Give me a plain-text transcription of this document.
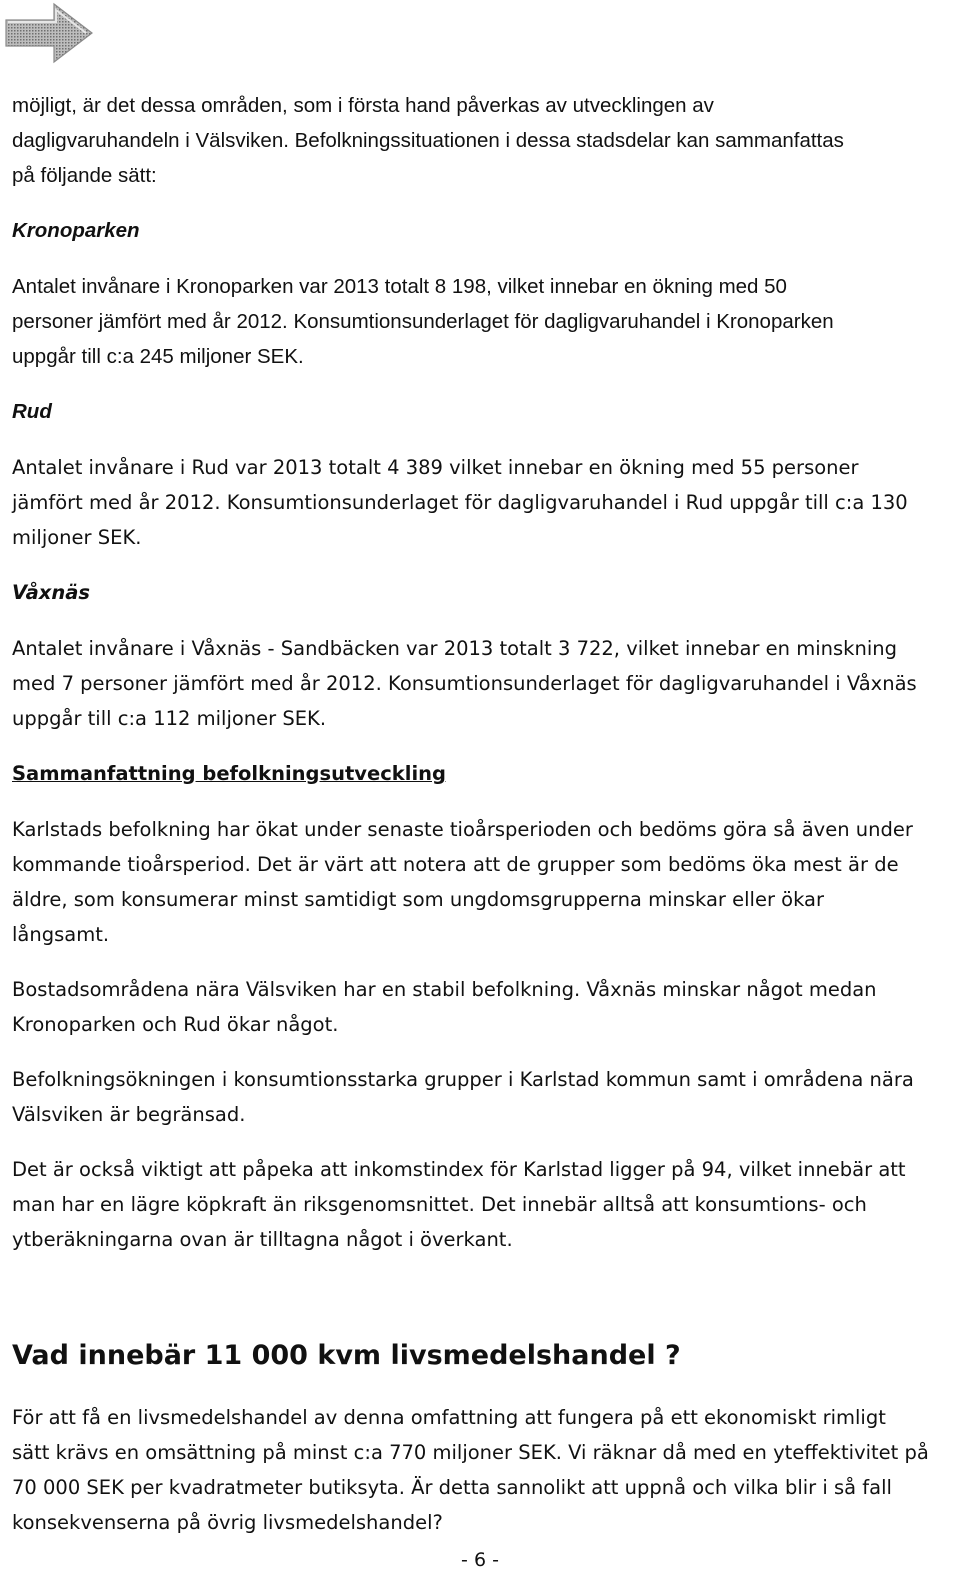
möjligt, är det dessa områden, som i första hand påverkas av utvecklingen av
dagligvaruhandeln i Välsviken. Befolkningssituationen i dessa stadsdelar kan sammanfattas
på följande sätt:

Kronoparken

Antalet invånare i Kronoparken var 2013 totalt 8 198, vilket innebar en ökning med 50
personer jämfört med år 2012. Konsumtionsunderlaget för dagligvaruhandel i Kronoparken
uppgår till c:a 245 miljoner SEK.

Rud

Antalet invånare i Rud var 2013 totalt 4 389 vilket innebar en ökning med 55 personer
jämfört med år 2012. Konsumtionsunderlaget för dagligvaruhandel i Rud uppgår till c:a 130
miljoner SEK.

Våxnäs

Antalet invånare i Våxnäs - Sandbäcken var 2013 totalt 3 722, vilket innebar en minskning
med 7 personer jämfört med år 2012. Konsumtionsunderlaget för dagligvaruhandel i Våxnäs
uppgår till c:a 112 miljoner SEK.

Sammanfattning befolkningsutveckling

Karlstads befolkning har ökat under senaste tioårsperioden och bedöms göra så även under
kommande tioårsperiod. Det är värt att notera att de grupper som bedöms öka mest är de
äldre, som konsumerar minst samtidigt som ungdomsgrupperna minskar eller ökar
långsamt.

Bostadsområdena nära Välsviken har en stabil befolkning. Våxnäs minskar något medan
Kronoparken och Rud ökar något.

Befolkningsökningen i konsumtionsstarka grupper i Karlstad kommun samt i områdena nära
Välsviken är begränsad.

Det är också viktigt att påpeka att inkomstindex för Karlstad ligger på 94, vilket innebär att
man har en lägre köpkraft än riksgenomsnittet. Det innebär alltså att konsumtions- och
ytberäkningarna ovan är tilltagna något i överkant.

Vad innebär 11 000 kvm livsmedelshandel ?

För att få en livsmedelshandel av denna omfattning att fungera på ett ekonomiskt rimligt
sätt krävs en omsättning på minst c:a 770 miljoner SEK. Vi räknar då med en yteffektivitet på
70 000 SEK per kvadratmeter butiksyta. Är detta sannolikt att uppnå och vilka blir i så fall
konsekvenserna på övrig livsmedelshandel?

- 6 -
